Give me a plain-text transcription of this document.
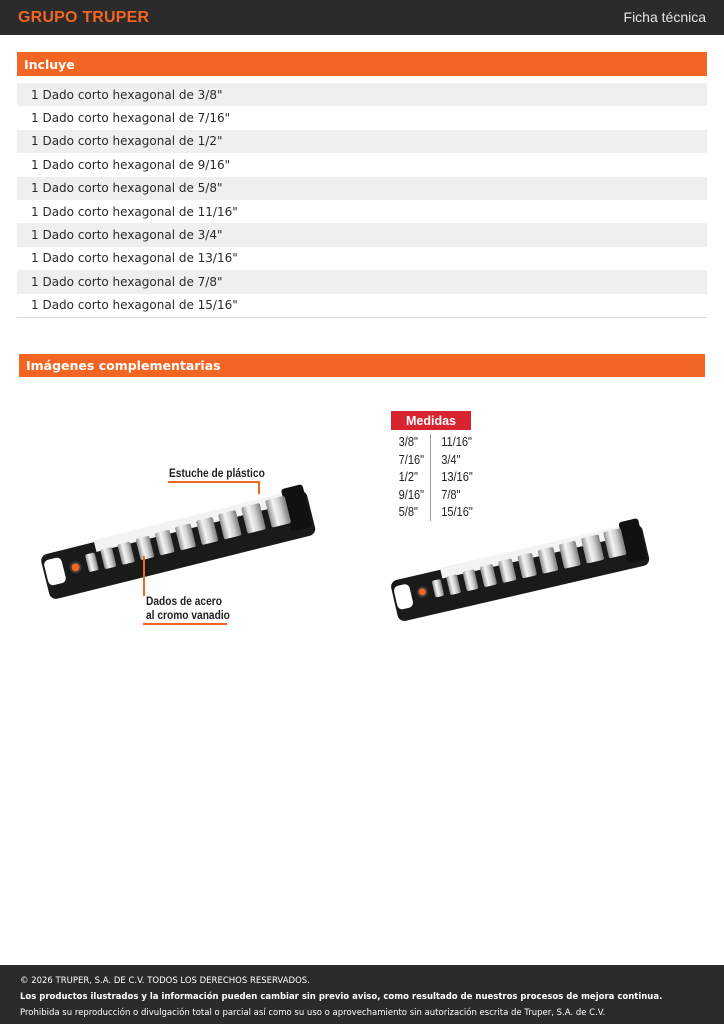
GRUPO TRUPER	Ficha técnica
Incluye
1 Dado corto hexagonal de 3/8"
1 Dado corto hexagonal de 7/16"
1 Dado corto hexagonal de 1/2"
1 Dado corto hexagonal de 9/16"
1 Dado corto hexagonal de 5/8"
1 Dado corto hexagonal de 11/16"
1 Dado corto hexagonal de 3/4"
1 Dado corto hexagonal de 13/16"
1 Dado corto hexagonal de 7/8"
1 Dado corto hexagonal de 15/16"
Imágenes complementarias
Estuche de plástico
Dados de acero
al cromo vanadio
Medidas
3/8"	11/16"
7/16"	3/4"
1/2"	13/16"
9/16"	7/8"
5/8"	15/16"
© 2026 TRUPER, S.A. DE C.V. TODOS LOS DERECHOS RESERVADOS.
Los productos ilustrados y la información pueden cambiar sin previo aviso, como resultado de nuestros procesos de mejora continua.
Prohibida su reproducción o divulgación total o parcial así como su uso o aprovechamiento sin autorización escrita de Truper, S.A. de C.V.
